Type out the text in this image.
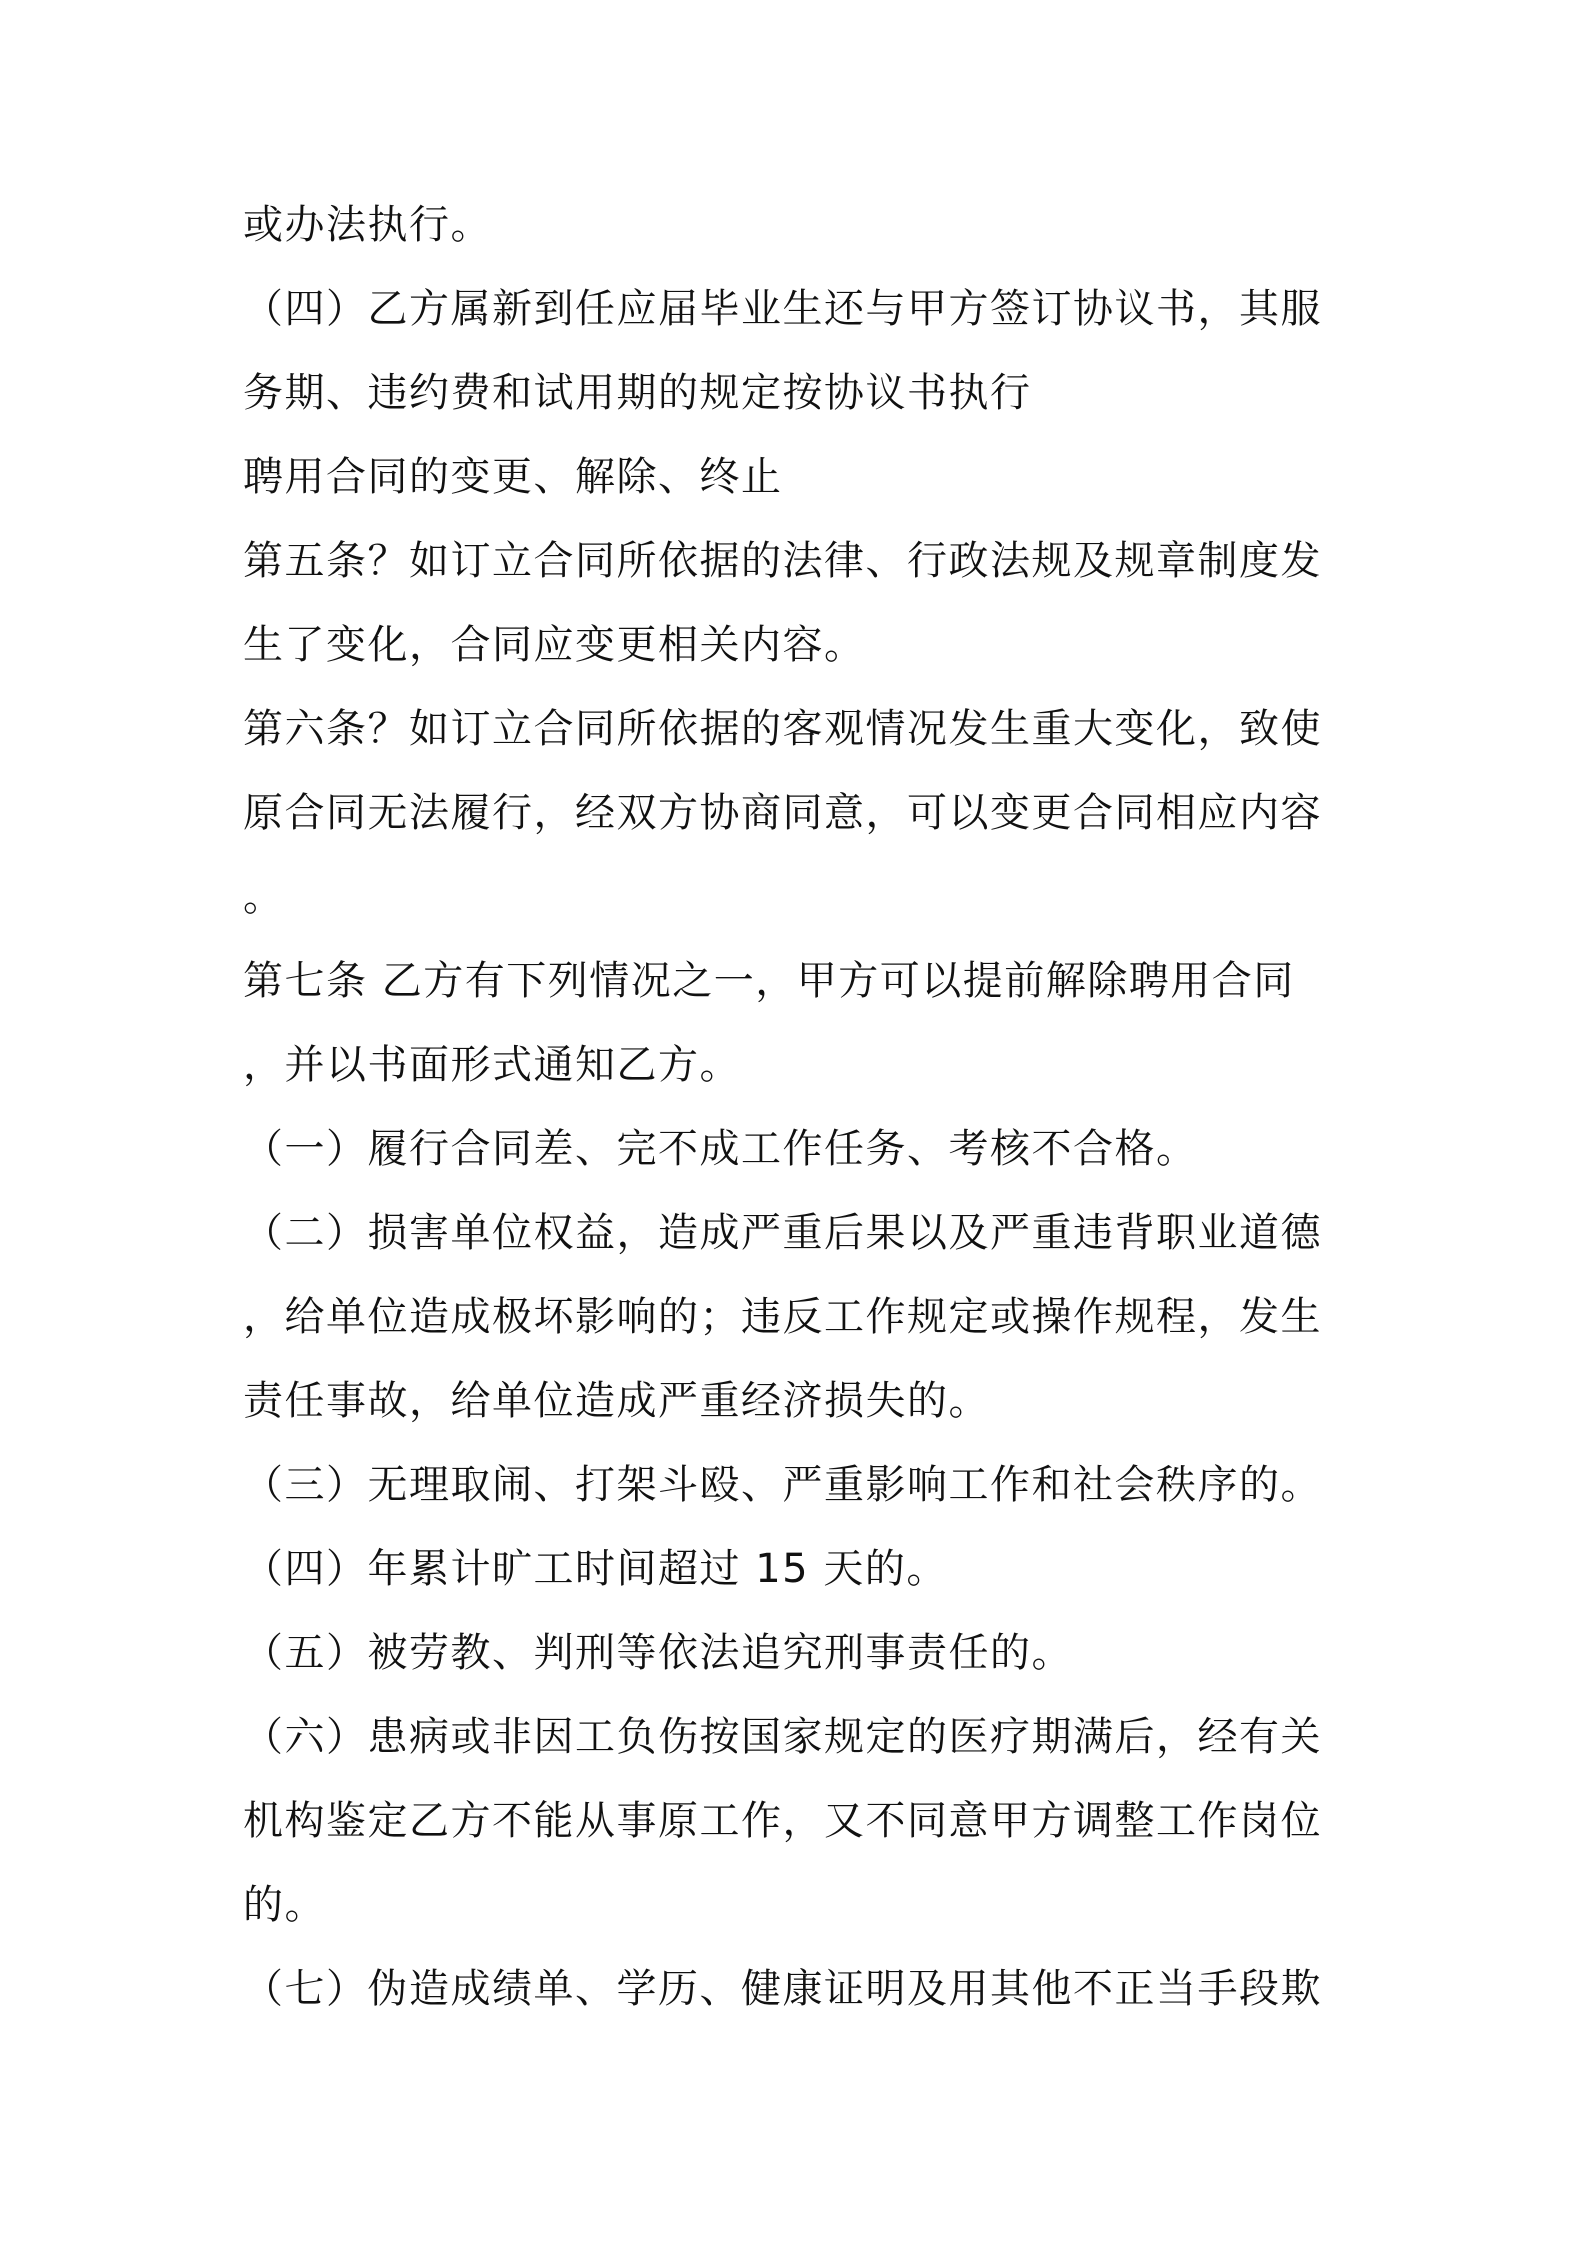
或办法执行。
（四）乙方属新到任应届毕业生还与甲方签订协议书，其服
务期、违约费和试用期的规定按协议书执行
聘用合同的变更、解除、终止
第五条？如订立合同所依据的法律、行政法规及规章制度发
生了变化，合同应变更相关内容。
第六条？如订立合同所依据的客观情况发生重大变化，致使
原合同无法履行，经双方协商同意，可以变更合同相应内容
。
第七条 乙方有下列情况之一，甲方可以提前解除聘用合同
，并以书面形式通知乙方。
（一）履行合同差、完不成工作任务、考核不合格。
（二）损害单位权益，造成严重后果以及严重违背职业道德
，给单位造成极坏影响的；违反工作规定或操作规程，发生
责任事故，给单位造成严重经济损失的。
（三）无理取闹、打架斗殴、严重影响工作和社会秩序的。
（四）年累计旷工时间超过 15 天的。
（五）被劳教、判刑等依法追究刑事责任的。
（六）患病或非因工负伤按国家规定的医疗期满后，经有关
机构鉴定乙方不能从事原工作，又不同意甲方调整工作岗位
的。
（七）伪造成绩单、学历、健康证明及用其他不正当手段欺
